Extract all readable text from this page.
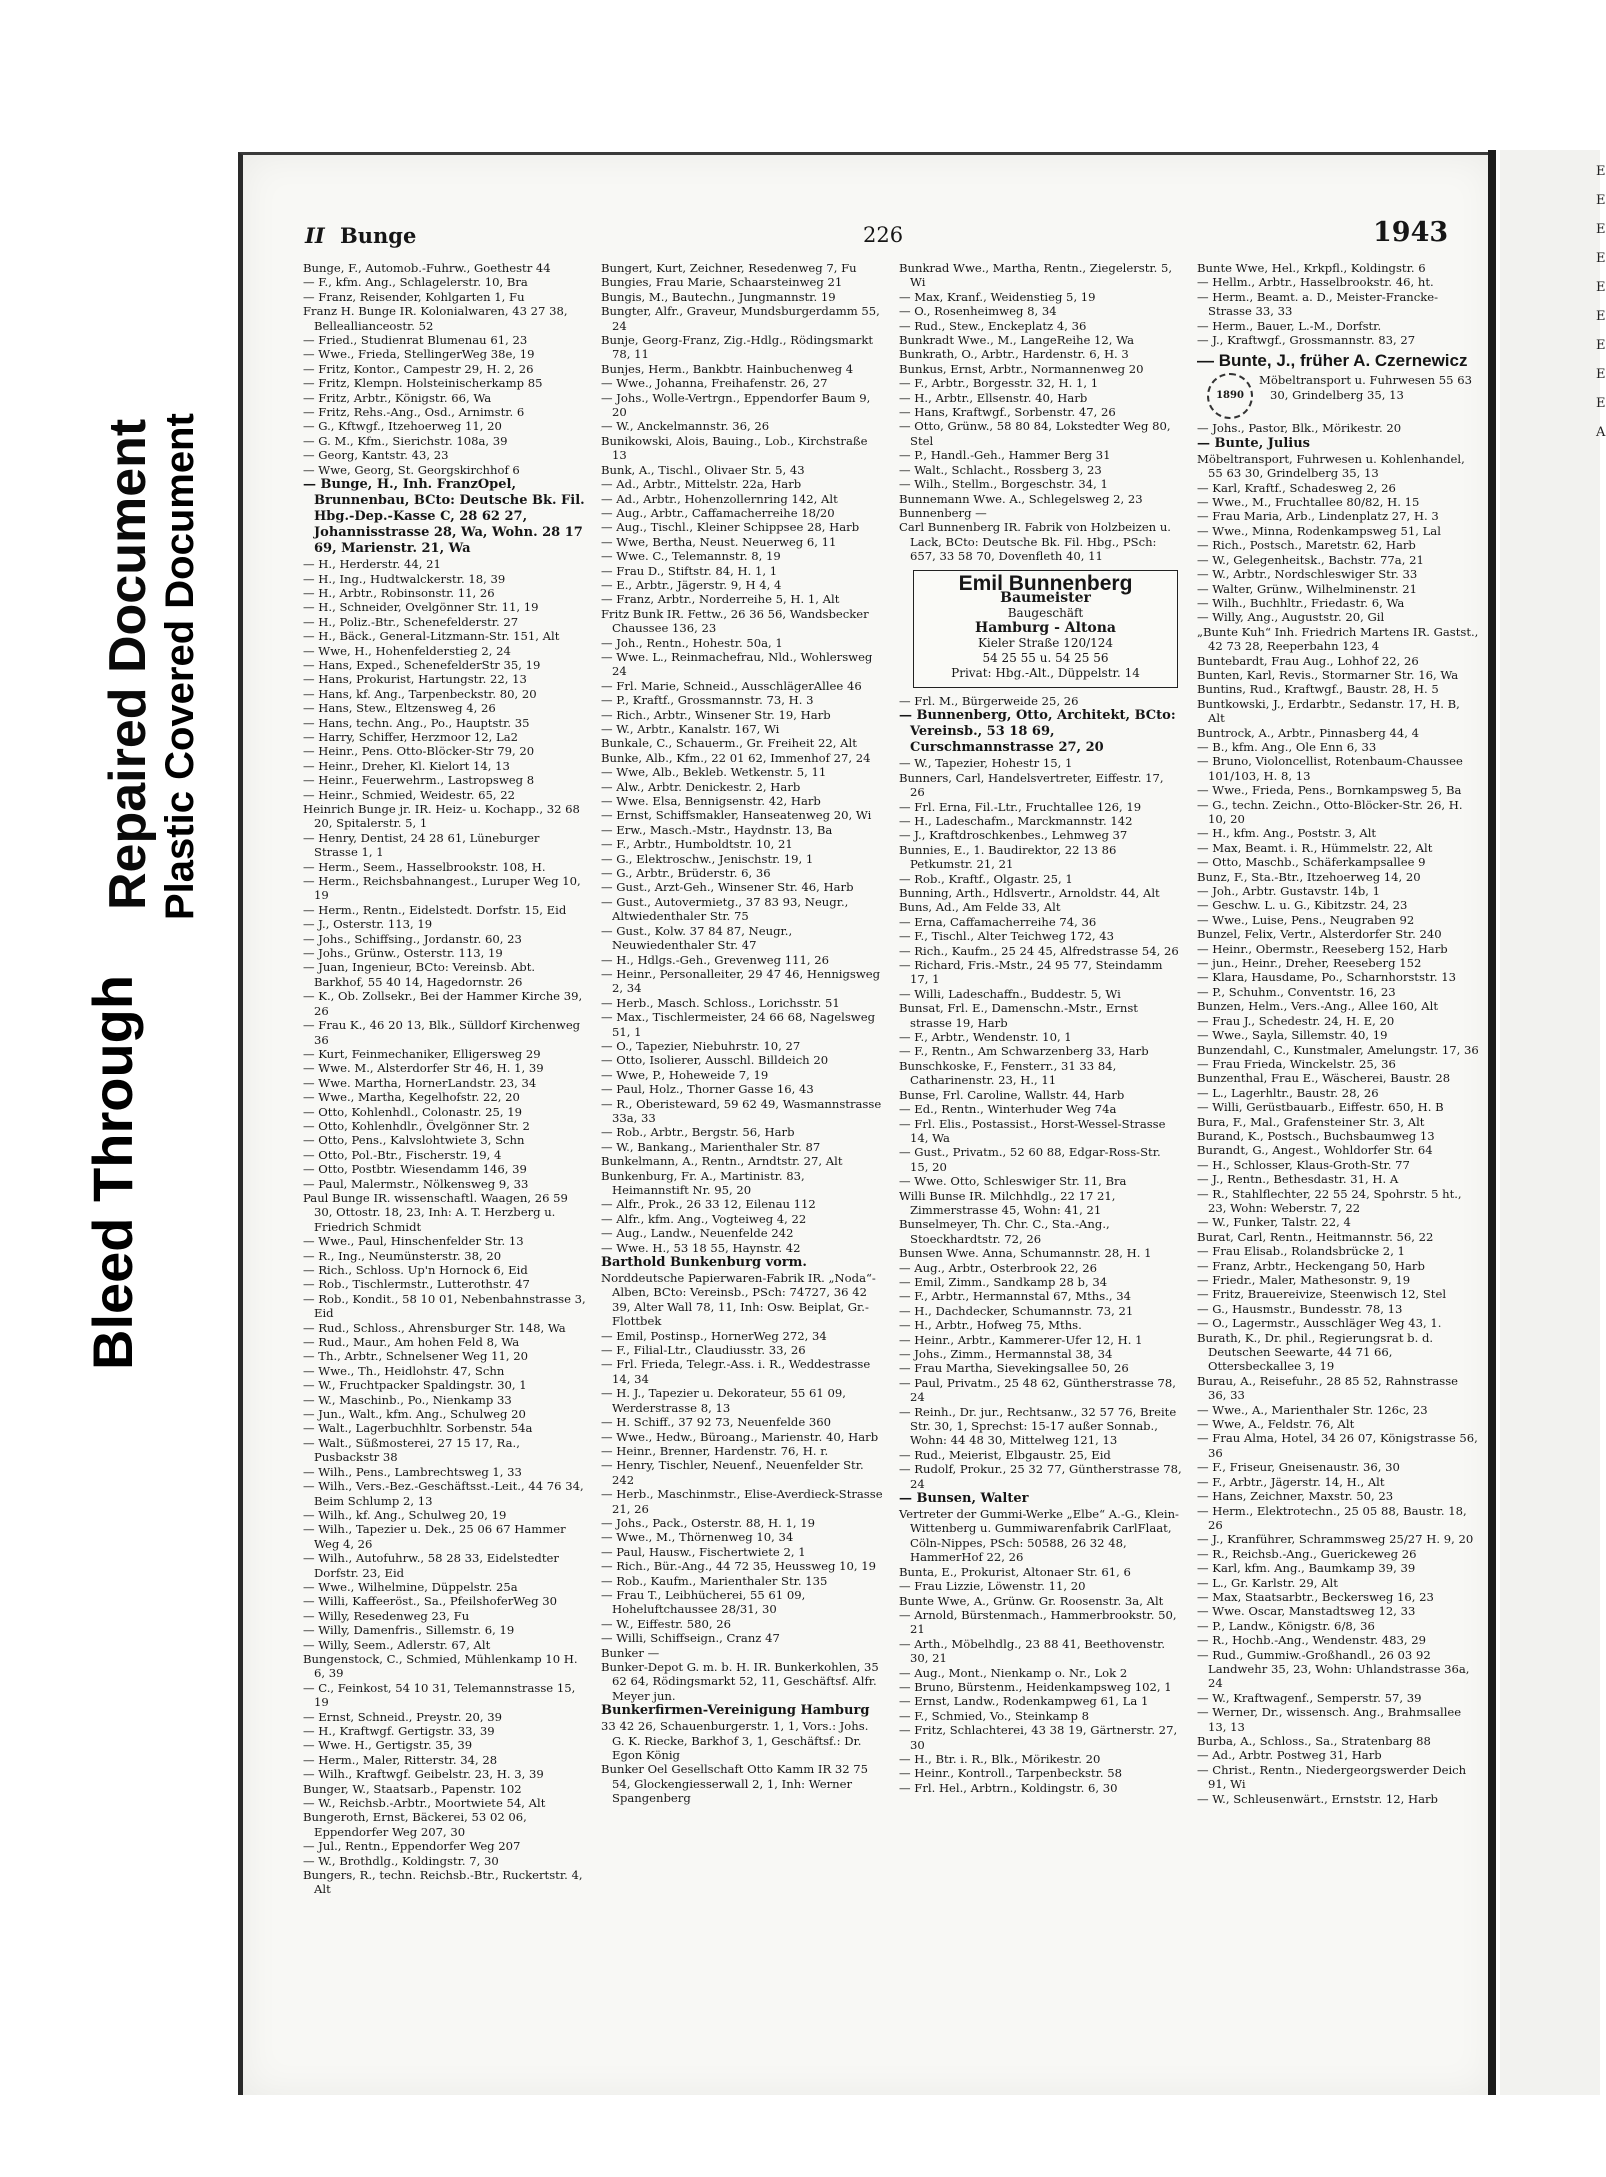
Bleed Through
Repaired Document Plastic Covered Document
II Bunge	226	1943

Bunge, F., Automob.-Fuhrw., Goethestr 44

— F., kfm. Ang., Schlagelerstr. 10, Bra

— Franz, Reisender, Kohlgarten 1, Fu

Franz H. Bunge IR. Kolonialwaren, 43 27 38, Belleallianceostr. 52

— Fried., Studienrat Blumenau 61, 23

— Wwe., Frieda, StellingerWeg 38e, 19

— Fritz, Kontor., Campestr 29, H. 2, 26

— Fritz, Klempn. Holsteinischerkamp 85

— Fritz, Arbtr., Königstr. 66, Wa

— Fritz, Rehs.-Ang., Osd., Arnimstr. 6

— G., Kftwgf., Itzehoerweg 11, 20

— G. M., Kfm., Sierichstr. 108a, 39

— Georg, Kantstr. 43, 23

— Wwe, Georg, St. Georgskirchhof 6

— Bunge, H., Inh. FranzOpel, Brunnenbau, BCto: Deutsche Bk. Fil. Hbg.-Dep.-Kasse C, 28 62 27, Johannisstrasse 28, Wa, Wohn. 28 17 69, Marienstr. 21, Wa

— H., Herderstr. 44, 21

— H., Ing., Hudtwalckerstr. 18, 39

— H., Arbtr., Robinsonstr. 11, 26

— H., Schneider, Ovelgönner Str. 11, 19

— H., Poliz.-Btr., Schenefelderstr. 27

— H., Bäck., General-Litzmann-Str. 151, Alt

— Wwe, H., Hohenfelderstieg 2, 24

— Hans, Exped., SchenefelderStr 35, 19

— Hans, Prokurist, Hartungstr. 22, 13

— Hans, kf. Ang., Tarpenbeckstr. 80, 20

— Hans, Stew., Eltzensweg 4, 26

— Hans, techn. Ang., Po., Hauptstr. 35

— Harry, Schiffer, Herzmoor 12, La2

— Heinr., Pens. Otto-Blöcker-Str 79, 20

— Heinr., Dreher, Kl. Kielort 14, 13

— Heinr., Feuerwehrm., Lastropsweg 8

— Heinr., Schmied, Weidestr. 65, 22

Heinrich Bunge jr. IR. Heiz- u. Kochapp., 32 68 20, Spitalerstr. 5, 1

— Henry, Dentist, 24 28 61, Lüneburger Strasse 1, 1

— Herm., Seem., Hasselbrookstr. 108, H.

— Herm., Reichsbahnangest., Luruper Weg 10, 19

— Herm., Rentn., Eidelstedt. Dorfstr. 15, Eid

— J., Osterstr. 113, 19

— Johs., Schiffsing., Jordanstr. 60, 23

— Johs., Grünw., Osterstr. 113, 19

— Juan, Ingenieur, BCto: Vereinsb. Abt. Barkhof, 55 40 14, Hagedornstr. 26

— K., Ob. Zollsekr., Bei der Hammer Kirche 39, 26

— Frau K., 46 20 13, Blk., Sülldorf Kirchenweg 36

— Kurt, Feinmechaniker, Elligersweg 29

— Wwe. M., Alsterdorfer Str 46, H. 1, 39

— Wwe. Martha, HornerLandstr. 23, 34

— Wwe., Martha, Kegelhofstr. 22, 20

— Otto, Kohlenhdl., Colonastr. 25, 19

— Otto, Kohlenhdlr., Övelgönner Str. 2

— Otto, Pens., Kalvslohtwiete 3, Schn

— Otto, Pol.-Btr., Fischerstr. 19, 4

— Otto, Postbtr. Wiesendamm 146, 39

— Paul, Malermstr., Nölkensweg 9, 33

Paul Bunge IR. wissenschaftl. Waagen, 26 59 30, Ottostr. 18, 23, Inh: A. T. Herzberg u. Friedrich Schmidt

— Wwe., Paul, Hinschenfelder Str. 13

— R., Ing., Neumünsterstr. 38, 20

— Rich., Schloss. Up'n Hornock 6, Eid

— Rob., Tischlermstr., Lutterothstr. 47

— Rob., Kondit., 58 10 01, Nebenbahnstrasse 3, Eid

— Rud., Schloss., Ahrensburger Str. 148, Wa

— Rud., Maur., Am hohen Feld 8, Wa

— Th., Arbtr., Schnelsener Weg 11, 20

— Wwe., Th., Heidlohstr. 47, Schn

— W., Fruchtpacker Spaldingstr. 30, 1

— W., Maschinb., Po., Nienkamp 33

— Jun., Walt., kfm. Ang., Schulweg 20

— Walt., Lagerbuchhltr. Sorbenstr. 54a

— Walt., Süßmosterei, 27 15 17, Ra., Pusbackstr 38

— Wilh., Pens., Lambrechtsweg 1, 33

— Wilh., Vers.-Bez.-Geschäftsst.-Leit., 44 76 34, Beim Schlump 2, 13

— Wilh., kf. Ang., Schulweg 20, 19

— Wilh., Tapezier u. Dek., 25 06 67 Hammer Weg 4, 26

— Wilh., Autofuhrw., 58 28 33, Eidelstedter Dorfstr. 23, Eid

— Wwe., Wilhelmine, Düppelstr. 25a

— Willi, Kaffeeröst., Sa., PfeilshoferWeg 30

— Willy, Resedenweg 23, Fu

— Willy, Damenfris., Sillemstr. 6, 19

— Willy, Seem., Adlerstr. 67, Alt

Bungenstock, C., Schmied, Mühlenkamp 10 H. 6, 39

— C., Feinkost, 54 10 31, Telemannstrasse 15, 19

— Ernst, Schneid., Preystr. 20, 39

— H., Kraftwgf. Gertigstr. 33, 39

— Wwe. H., Gertigstr. 35, 39

— Herm., Maler, Ritterstr. 34, 28

— Wilh., Kraftwgf. Geibelstr. 23, H. 3, 39

Bunger, W., Staatsarb., Papenstr. 102

— W., Reichsb.-Arbtr., Moortwiete 54, Alt

Bungeroth, Ernst, Bäckerei, 53 02 06, Eppendorfer Weg 207, 30

— Jul., Rentn., Eppendorfer Weg 207

— W., Brothdlg., Koldingstr. 7, 30

Bungers, R., techn. Reichsb.-Btr., Ruckertstr. 4, Alt

Bungert, Kurt, Zeichner, Resedenweg 7, Fu

Bungies, Frau Marie, Schaarsteinweg 21

Bungis, M., Bautechn., Jungmannstr. 19

Bungter, Alfr., Graveur, Mundsburgerdamm 55, 24

Bunje, Georg-Franz, Zig.-Hdlg., Rödingsmarkt 78, 11

Bunjes, Herm., Bankbtr. Hainbuchenweg 4

— Wwe., Johanna, Freihafenstr. 26, 27

— Johs., Wolle-Vertrgn., Eppendorfer Baum 9, 20

— W., Anckelmannstr. 36, 26

Bunikowski, Alois, Bauing., Lob., Kirchstraße 13

Bunk, A., Tischl., Olivaer Str. 5, 43

— Ad., Arbtr., Mittelstr. 22a, Harb

— Ad., Arbtr., Hohenzollernring 142, Alt

— Aug., Arbtr., Caffamacherreihe 18/20

— Aug., Tischl., Kleiner Schippsee 28, Harb

— Wwe, Bertha, Neust. Neuerweg 6, 11

— Wwe. C., Telemannstr. 8, 19

— Frau D., Stiftstr. 84, H. 1, 1

— E., Arbtr., Jägerstr. 9, H 4, 4

— Franz, Arbtr., Norderreihe 5, H. 1, Alt

Fritz Bunk IR. Fettw., 26 36 56, Wandsbecker Chaussee 136, 23

— Joh., Rentn., Hohestr. 50a, 1

— Wwe. L., Reinmachefrau, Nld., Wohlersweg 24

— Frl. Marie, Schneid., AusschlägerAllee 46

— P., Kraftf., Grossmannstr. 73, H. 3

— Rich., Arbtr., Winsener Str. 19, Harb

— W., Arbtr., Kanalstr. 167, Wi

Bunkale, C., Schauerm., Gr. Freiheit 22, Alt

Bunke, Alb., Kfm., 22 01 62, Immenhof 27, 24

— Wwe, Alb., Bekleb. Wetkenstr. 5, 11

— Alw., Arbtr. Denickestr. 2, Harb

— Wwe. Elsa, Bennigsenstr. 42, Harb

— Ernst, Schiffsmakler, Hanseatenweg 20, Wi

— Erw., Masch.-Mstr., Haydnstr. 13, Ba

— F., Arbtr., Humboldtstr. 10, 21

— G., Elektroschw., Jenischstr. 19, 1

— G., Arbtr., Brüderstr. 6, 36

— Gust., Arzt-Geh., Winsener Str. 46, Harb

— Gust., Autovermietg., 37 83 93, Neugr., Altwiedenthaler Str. 75

— Gust., Kolw. 37 84 87, Neugr., Neuwiedenthaler Str. 47

— H., Hdlgs.-Geh., Grevenweg 111, 26

— Heinr., Personalleiter, 29 47 46, Hennigsweg 2, 34

— Herb., Masch. Schloss., Lorichsstr. 51

— Max., Tischlermeister, 24 66 68, Nagelsweg 51, 1

— O., Tapezier, Niebuhrstr. 10, 27

— Otto, Isolierer, Ausschl. Billdeich 20

— Wwe, P., Hoheweide 7, 19

— Paul, Holz., Thorner Gasse 16, 43

— R., Oberisteward, 59 62 49, Wasmannstrasse 33a, 33

— Rob., Arbtr., Bergstr. 56, Harb

— W., Bankang., Marienthaler Str. 87

Bunkelmann, A., Rentn., Arndtstr. 27, Alt

Bunkenburg, Fr. A., Martinistr. 83, Heimannstift Nr. 95, 20

— Alfr., Prok., 26 33 12, Eilenau 112

— Alfr., kfm. Ang., Vogteiweg 4, 22

— Aug., Landw., Neuenfelde 242

— Wwe. H., 53 18 55, Haynstr. 42

Barthold Bunkenburg vorm.

Norddeutsche Papierwaren-Fabrik IR. „Noda“-Alben, BCto: Vereinsb., PSch: 74727, 36 42 39, Alter Wall 78, 11, Inh: Osw. Beiplat, Gr.-Flottbek

— Emil, Postinsp., HornerWeg 272, 34

— F., Filial-Ltr., Claudiusstr. 33, 26

— Frl. Frieda, Telegr.-Ass. i. R., Weddestrasse 14, 34

— H. J., Tapezier u. Dekorateur, 55 61 09, Werderstrasse 8, 13

— H. Schiff., 37 92 73, Neuenfelde 360

— Wwe., Hedw., Büroang., Marienstr. 40, Harb

— Heinr., Brenner, Hardenstr. 76, H. r.

— Henry, Tischler, Neuenf., Neuenfelder Str. 242

— Herb., Maschinmstr., Elise-Averdieck-Strasse 21, 26

— Johs., Pack., Osterstr. 88, H. 1, 19

— Wwe., M., Thörnenweg 10, 34

— Paul, Hausw., Fischertwiete 2, 1

— Rich., Bür.-Ang., 44 72 35, Heussweg 10, 19

— Rob., Kaufm., Marienthaler Str. 135

— Frau T., Leibhücherei, 55 61 09, Hoheluftchaussee 28/31, 30

— W., Eiffestr. 580, 26

— Willi, Schiffseign., Cranz 47

Bunker —

Bunker-Depot G. m. b. H. IR. Bunkerkohlen, 35 62 64, Rödingsmarkt 52, 11, Geschäftsf. Alfr. Meyer jun.

Bunkerfirmen-Vereinigung Hamburg

33 42 26, Schauenburgerstr. 1, 1, Vors.: Johs. G. K. Riecke, Barkhof 3, 1, Geschäftsf.: Dr. Egon König

Bunker Oel Gesellschaft Otto Kamm IR 32 75 54, Glockengiesserwall 2, 1, Inh: Werner Spangenberg

Bunkrad Wwe., Martha, Rentn., Ziegelerstr. 5, Wi

— Max, Kranf., Weidenstieg 5, 19

— O., Rosenheimweg 8, 34

— Rud., Stew., Enckeplatz 4, 36

Bunkradt Wwe., M., LangeReihe 12, Wa

Bunkrath, O., Arbtr., Hardenstr. 6, H. 3

Bunkus, Ernst, Arbtr., Normannenweg 20

— F., Arbtr., Borgesstr. 32, H. 1, 1

— H., Arbtr., Ellsenstr. 40, Harb

— Hans, Kraftwgf., Sorbenstr. 47, 26

— Otto, Grünw., 58 80 84, Lokstedter Weg 80, Stel

— P., Handl.-Geh., Hammer Berg 31

— Walt., Schlacht., Rossberg 3, 23

— Wilh., Stellm., Borgeschstr. 34, 1

Bunnemann Wwe. A., Schlegelsweg 2, 23

Bunnenberg —

Carl Bunnenberg IR. Fabrik von Holzbeizen u. Lack, BCto: Deutsche Bk. Fil. Hbg., PSch: 657, 33 58 70, Dovenfleth 40, 11

Emil Bunnenberg
Baumeister
Baugeschäft
Hamburg - Altona
Kieler Straße 120/124
54 25 55 u. 54 25 56
Privat: Hbg.-Alt., Düppelstr. 14

— Frl. M., Bürgerweide 25, 26

— Bunnenberg, Otto, Architekt, BCto: Vereinsb., 53 18 69, Curschmannstrasse 27, 20

— W., Tapezier, Hohestr 15, 1

Bunners, Carl, Handelsvertreter, Eiffestr. 17, 26

— Frl. Erna, Fil.-Ltr., Fruchtallee 126, 19

— H., Ladeschafm., Marckmannstr. 142

— J., Kraftdroschkenbes., Lehmweg 37

Bunnies, E., 1. Baudirektor, 22 13 86 Petkumstr. 21, 21

— Rob., Kraftf., Olgastr. 25, 1

Bunning, Arth., Hdlsvertr., Arnoldstr. 44, Alt

Buns, Ad., Am Felde 33, Alt

— Erna, Caffamacherreihe 74, 36

— F., Tischl., Alter Teichweg 172, 43

— Rich., Kaufm., 25 24 45, Alfredstrasse 54, 26

— Richard, Fris.-Mstr., 24 95 77, Steindamm 17, 1

— Willi, Ladeschaffn., Buddestr. 5, Wi

Bunsat, Frl. E., Damenschn.-Mstr., Ernst strasse 19, Harb

— F., Arbtr., Wendenstr. 10, 1

— F., Rentn., Am Schwarzenberg 33, Harb

Bunschkoske, F., Fensterr., 31 33 84, Catharinenstr. 23, H., 11

Bunse, Frl. Caroline, Wallstr. 44, Harb

— Ed., Rentn., Winterhuder Weg 74a

— Frl. Elis., Postassist., Horst-Wessel-Strasse 14, Wa

— Gust., Privatm., 52 60 88, Edgar-Ross-Str. 15, 20

— Wwe. Otto, Schleswiger Str. 11, Bra

Willi Bunse IR. Milchhdlg., 22 17 21, Zimmerstrasse 45, Wohn: 41, 21

Bunselmeyer, Th. Chr. C., Sta.-Ang., Stoeckhardtstr. 72, 26

Bunsen Wwe. Anna, Schumannstr. 28, H. 1

— Aug., Arbtr., Osterbrook 22, 26

— Emil, Zimm., Sandkamp 28 b, 34

— F., Arbtr., Hermannstal 67, Mths., 34

— H., Dachdecker, Schumannstr. 73, 21

— H., Arbtr., Hofweg 75, Mths.

— Heinr., Arbtr., Kammerer-Ufer 12, H. 1

— Johs., Zimm., Hermannstal 38, 34

— Frau Martha, Sievekingsallee 50, 26

— Paul, Privatm., 25 48 62, Güntherstrasse 78, 24

— Reinh., Dr. jur., Rechtsanw., 32 57 76, Breite Str. 30, 1, Sprechst: 15-17 außer Sonnab., Wohn: 44 48 30, Mittelweg 121, 13

— Rud., Meierist, Elbgaustr. 25, Eid

— Rudolf, Prokur., 25 32 77, Güntherstrasse 78, 24

— Bunsen, Walter

Vertreter der Gummi-Werke „Elbe“ A.-G., Klein-Wittenberg u. Gummiwarenfabrik CarlFlaat, Cöln-Nippes, PSch: 50588, 26 32 48, HammerHof 22, 26

Bunta, E., Prokurist, Altonaer Str. 61, 6

— Frau Lizzie, Löwenstr. 11, 20

Bunte Wwe, A., Grünw. Gr. Roosenstr. 3a, Alt

— Arnold, Bürstenmach., Hammerbrookstr. 50, 21

— Arth., Möbelhdlg., 23 88 41, Beethovenstr. 30, 21

— Aug., Mont., Nienkamp o. Nr., Lok 2

— Bruno, Bürstenm., Heidenkampsweg 102, 1

— Ernst, Landw., Rodenkampweg 61, La 1

— F., Schmied, Vo., Steinkamp 8

— Fritz, Schlachterei, 43 38 19, Gärtnerstr. 27, 30

— H., Btr. i. R., Blk., Mörikestr. 20

— Heinr., Kontroll., Tarpenbeckstr. 58

— Frl. Hel., Arbtrn., Koldingstr. 6, 30

Bunte Wwe, Hel., Krkpfl., Koldingstr. 6

— Hellm., Arbtr., Hasselbrookstr. 46, ht.

— Herm., Beamt. a. D., Meister-Francke-Strasse 33, 33

— Herm., Bauer, L.-M., Dorfstr.

— J., Kraftwgf., Grossmannstr. 83, 27

— Bunte, J., früher A. Czernewicz
1890
Möbeltransport u. Fuhrwesen 55 63 30, Grindelberg 35, 13

— Johs., Pastor, Blk., Mörikestr. 20

— Bunte, Julius

Möbeltransport, Fuhrwesen u. Kohlenhandel, 55 63 30, Grindelberg 35, 13

— Karl, Kraftf., Schadesweg 2, 26

— Wwe., M., Fruchtallee 80/82, H. 15

— Frau Maria, Arb., Lindenplatz 27, H. 3

— Wwe., Minna, Rodenkampsweg 51, Lal

— Rich., Postsch., Maretstr. 62, Harb

— W., Gelegenheitsk., Bachstr. 77a, 21

— W., Arbtr., Nordschleswiger Str. 33

— Walter, Grünw., Wilhelminenstr. 21

— Wilh., Buchhltr., Friedastr. 6, Wa

— Willy, Ang., Auguststr. 20, Gil

„Bunte Kuh“ Inh. Friedrich Martens IR. Gastst., 42 73 28, Reeperbahn 123, 4

Buntebardt, Frau Aug., Lohhof 22, 26

Bunten, Karl, Revis., Stormarner Str. 16, Wa

Buntins, Rud., Kraftwgf., Baustr. 28, H. 5

Buntkowski, J., Erdarbtr., Sedanstr. 17, H. B, Alt

Buntrock, A., Arbtr., Pinnasberg 44, 4

— B., kfm. Ang., Ole Enn 6, 33

— Bruno, Violoncellist, Rotenbaum-Chaussee 101/103, H. 8, 13

— Wwe., Frieda, Pens., Bornkampsweg 5, Ba

— G., techn. Zeichn., Otto-Blöcker-Str. 26, H. 10, 20

— H., kfm. Ang., Poststr. 3, Alt

— Max, Beamt. i. R., Hümmelstr. 22, Alt

— Otto, Maschb., Schäferkampsallee 9

Bunz, F., Sta.-Btr., Itzehoerweg 14, 20

— Joh., Arbtr. Gustavstr. 14b, 1

— Geschw. L. u. G., Kibitzstr. 24, 23

— Wwe., Luise, Pens., Neugraben 92

Bunzel, Felix, Vertr., Alsterdorfer Str. 240

— Heinr., Obermstr., Reeseberg 152, Harb

— jun., Heinr., Dreher, Reeseberg 152

— Klara, Hausdame, Po., Scharnhorststr. 13

— P., Schuhm., Conventstr. 16, 23

Bunzen, Helm., Vers.-Ang., Allee 160, Alt

— Frau J., Schedestr. 24, H. E, 20

— Wwe., Sayla, Sillemstr. 40, 19

Bunzendahl, C., Kunstmaler, Amelungstr. 17, 36

— Frau Frieda, Winckelstr. 25, 36

Bunzenthal, Frau E., Wäscherei, Baustr. 28

— L., Lagerhltr., Baustr. 28, 26

— Willi, Gerüstbauarb., Eiffestr. 650, H. B

Bura, F., Mal., Grafensteiner Str. 3, Alt

Burand, K., Postsch., Buchsbaumweg 13

Burandt, G., Angest., Wohldorfer Str. 64

— H., Schlosser, Klaus-Groth-Str. 77

— J., Rentn., Bethesdastr. 31, H. A

— R., Stahlflechter, 22 55 24, Spohrstr. 5 ht., 23, Wohn: Weberstr. 7, 22

— W., Funker, Talstr. 22, 4

Burat, Carl, Rentn., Heitmannstr. 56, 22

— Frau Elisab., Rolandsbrücke 2, 1

— Franz, Arbtr., Heckengang 50, Harb

— Friedr., Maler, Mathesonstr. 9, 19

— Fritz, Brauereivize, Steenwisch 12, Stel

— G., Hausmstr., Bundesstr. 78, 13

— O., Lagermstr., Ausschläger Weg 43, 1.

Burath, K., Dr. phil., Regierungsrat b. d. Deutschen Seewarte, 44 71 66, Ottersbeckallee 3, 19

Burau, A., Reisefuhr., 28 85 52, Rahnstrasse 36, 33

— Wwe., A., Marienthaler Str. 126c, 23

— Wwe, A., Feldstr. 76, Alt

— Frau Alma, Hotel, 34 26 07, Königstrasse 56, 36

— F., Friseur, Gneisenaustr. 36, 30

— F., Arbtr., Jägerstr. 14, H., Alt

— Hans, Zeichner, Maxstr. 50, 23

— Herm., Elektrotechn., 25 05 88, Baustr. 18, 26

— J., Kranführer, Schrammsweg 25/27 H. 9, 20

— R., Reichsb.-Ang., Guerickeweg 26

— Karl, kfm. Ang., Baumkamp 39, 39

— L., Gr. Karlstr. 29, Alt

— Max, Staatsarbtr., Beckersweg 16, 23

— Wwe. Oscar, Manstadtsweg 12, 33

— P., Landw., Königstr. 6/8, 36

— R., Hochb.-Ang., Wendenstr. 483, 29

— Rud., Gummiw.-Großhandl., 26 03 92 Landwehr 35, 23, Wohn: Uhlandstrasse 36a, 24

— W., Kraftwagenf., Semperstr. 57, 39

— Werner, Dr., wissensch. Ang., Brahmsallee 13, 13

Burba, A., Schloss., Sa., Stratenbarg 88

— Ad., Arbtr. Postweg 31, Harb

— Christ., Rentn., Niedergeorgswerder Deich 91, Wi

— W., Schleusenwärt., Ernststr. 12, Harb

E
E
E
E
E
E
E
E
E
A
